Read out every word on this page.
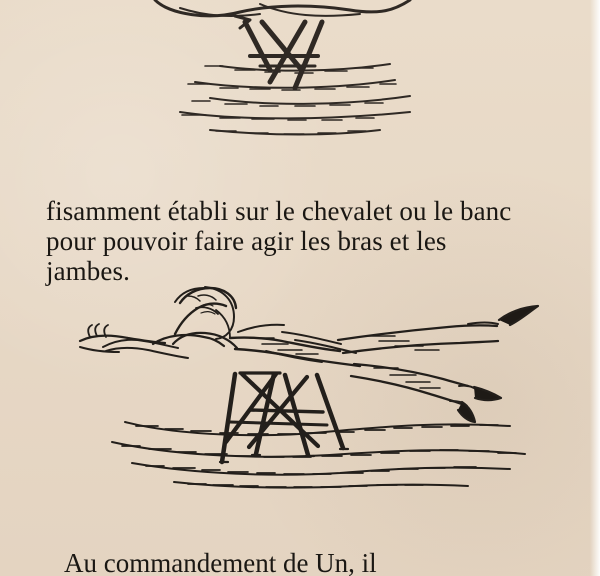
fisamment établi sur le chevalet ou le banc
pour pouvoir faire agir les bras et les
jambes.
Au commandement de Un, il
